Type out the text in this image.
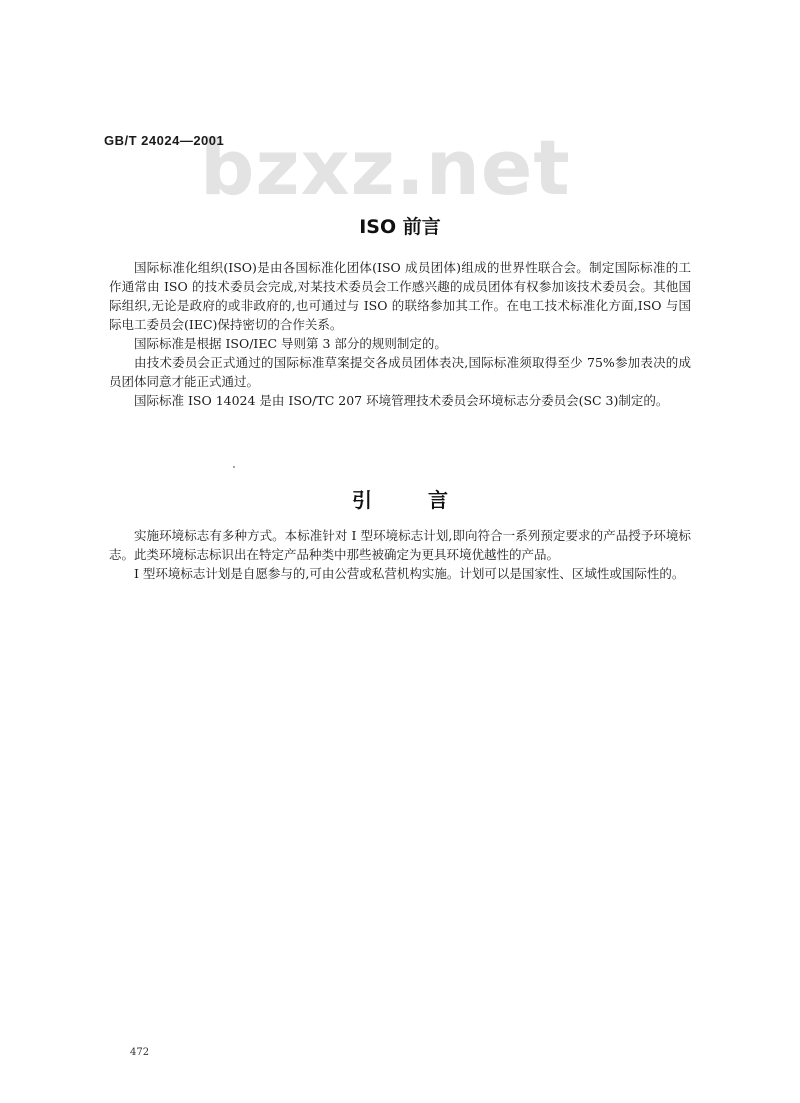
bzxz.net
GB/T 24024—2001
ISO 前言

国际标准化组织(ISO)是由各国标准化团体(ISO 成员团体)组成的世界性联合会。制定国际标准的工作通常由 ISO 的技术委员会完成,对某技术委员会工作感兴趣的成员团体有权参加该技术委员会。其他国际组织,无论是政府的或非政府的,也可通过与 ISO 的联络参加其工作。在电工技术标准化方面,ISO 与国际电工委员会(IEC)保持密切的合作关系。

国际标准是根据 ISO/IEC 导则第 3 部分的规则制定的。

由技术委员会正式通过的国际标准草案提交各成员团体表决,国际标准须取得至少 75%参加表决的成员团体同意才能正式通过。

国际标准 ISO 14024 是由 ISO/TC 207 环境管理技术委员会环境标志分委员会(SC 3)制定的。

引言

实施环境标志有多种方式。本标准针对 Ⅰ 型环境标志计划,即向符合一系列预定要求的产品授予环境标志。此类环境标志标识出在特定产品种类中那些被确定为更具环境优越性的产品。

Ⅰ 型环境标志计划是自愿参与的,可由公营或私营机构实施。计划可以是国家性、区域性或国际性的。

472
